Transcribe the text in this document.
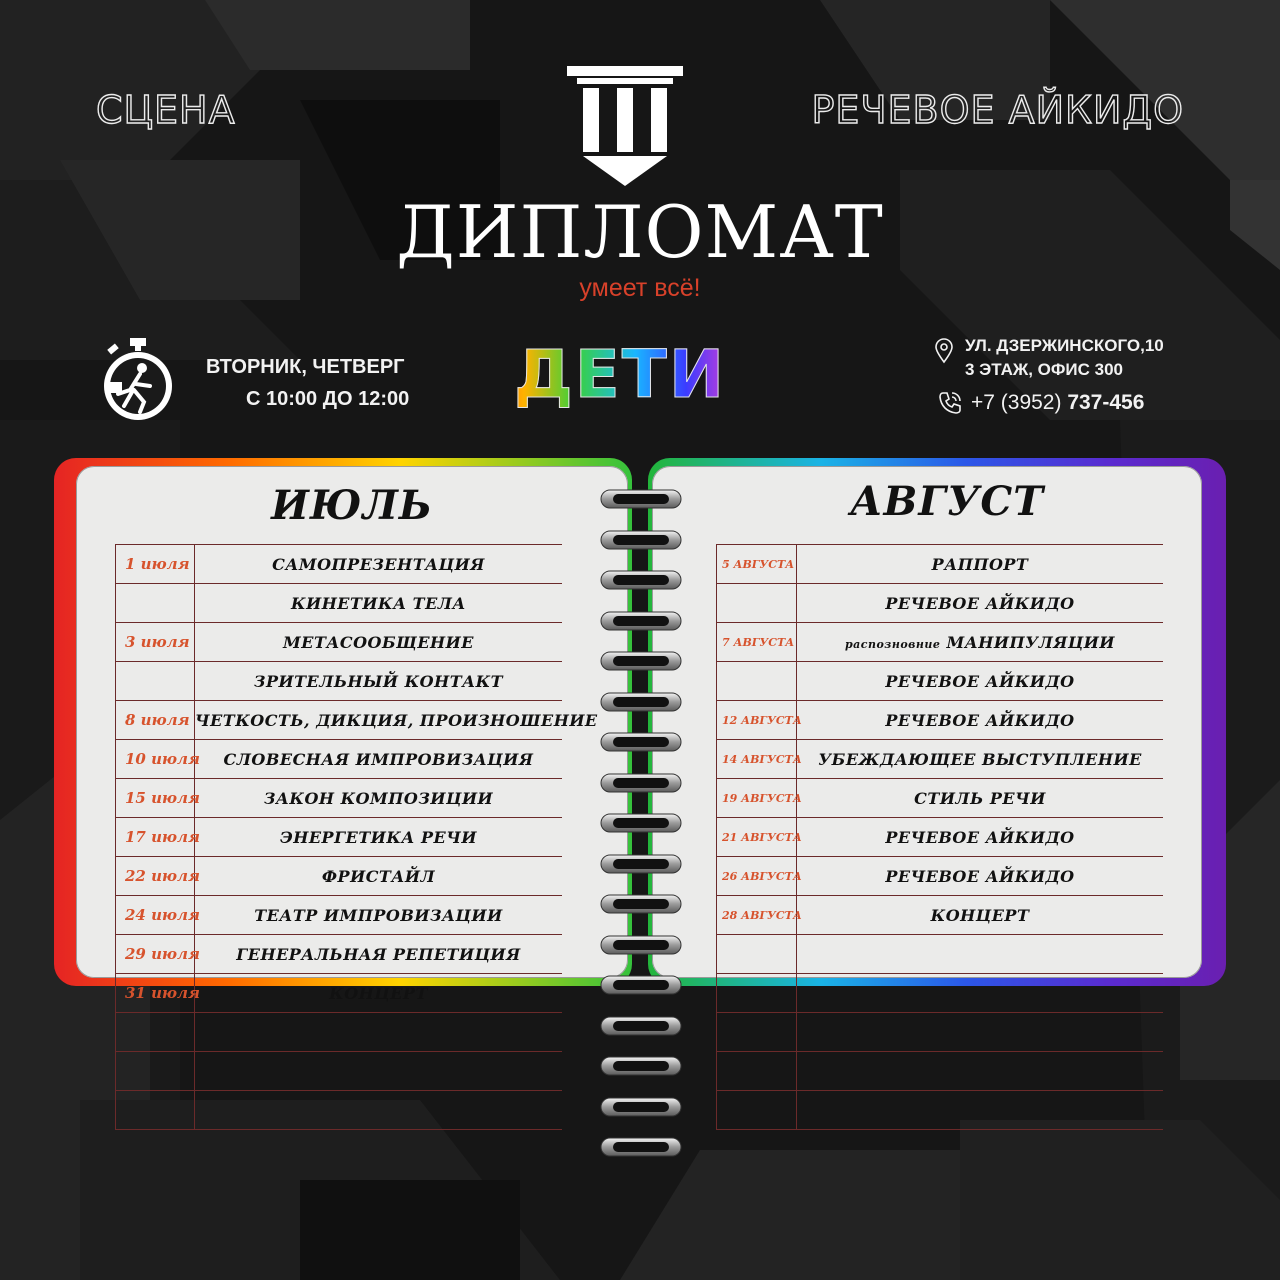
СЦЕНА	РЕЧЕВОЕ АЙКИДО
ДИПЛОМАТ
умеет всё!
ВТОРНИК, ЧЕТВЕРГ
С 10:00 ДО 12:00	ДЕТИ	УЛ. ДЗЕРЖИНСКОГО,10
3 ЭТАЖ, ОФИС 300
+7 (3952) 737-456
ИЮЛЬ	АВГУСТ
1 июля	САМОПРЕЗЕНТАЦИЯ
	КИНЕТИКА ТЕЛА
3 июля	МЕТАСООБЩЕНИЕ
	ЗРИТЕЛЬНЫЙ КОНТАКТ
8 июля	ЧЕТКОСТЬ, ДИКЦИЯ, ПРОИЗНОШЕНИЕ
10 июля	СЛОВЕСНАЯ ИМПРОВИЗАЦИЯ
15 июля	ЗАКОН КОМПОЗИЦИИ
17 июля	ЭНЕРГЕТИКА РЕЧИ
22 июля	ФРИСТАЙЛ
24 июля	ТЕАТР ИМПРОВИЗАЦИИ
29 июля	ГЕНЕРАЛЬНАЯ РЕПЕТИЦИЯ
31 июля	КОНЦЕРТ

5 АВГУСТА	РАППОРТ
	РЕЧЕВОЕ АЙКИДО
7 АВГУСТА	распозновние МАНИПУЛЯЦИИ
	РЕЧЕВОЕ АЙКИДО
12 АВГУСТА	РЕЧЕВОЕ АЙКИДО
14 АВГУСТА	УБЕЖДАЮЩЕЕ ВЫСТУПЛЕНИЕ
19 АВГУСТА	СТИЛЬ РЕЧИ
21 АВГУСТА	РЕЧЕВОЕ АЙКИДО
26 АВГУСТА	РЕЧЕВОЕ АЙКИДО
28 АВГУСТА	КОНЦЕРТ
